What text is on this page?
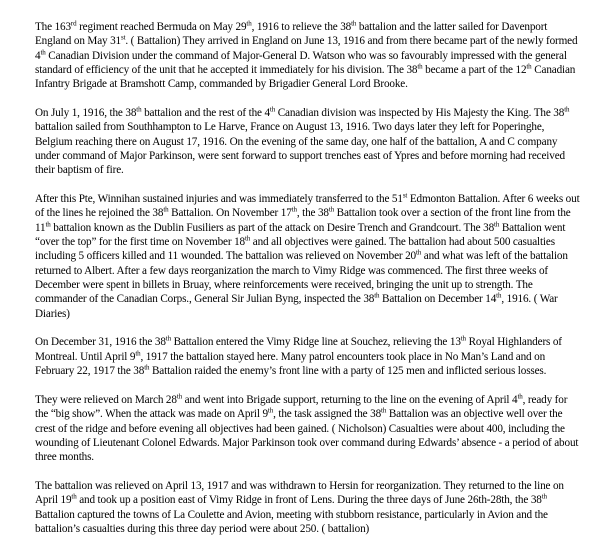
The 163rd regiment reached Bermuda on May 29th, 1916 to relieve the 38th battalion and the latter sailed for Davenport England on May 31st. ( Battalion) They arrived in England on June 13, 1916 and from there became part of the newly formed 4th Canadian Division under the command of Major-General D. Watson who was so favourably impressed with the general standard of efficiency of the unit that he accepted it immediately for his division. The 38th became a part of the 12th Canadian Infantry Brigade at Bramshott Camp, commanded by Brigadier General Lord Brooke.

On July 1, 1916, the 38th battalion and the rest of the 4th Canadian division was inspected by His Majesty the King. The 38th battalion sailed from Southhampton to Le Harve, France on August 13, 1916. Two days later they left for Poperinghe, Belgium reaching there on August 17, 1916. On the evening of the same day, one half of the battalion, A and C company under command of Major Parkinson, were sent forward to support trenches east of Ypres and before morning had received their baptism of fire.

After this Pte, Winnihan sustained injuries and was immediately transferred to the 51st Edmonton Battalion. After 6 weeks out of the lines he rejoined the 38th Battalion. On November 17th, the 38th Battalion took over a section of the front line from the 11th battalion known as the Dublin Fusiliers as part of the attack on Desire Trench and Grandcourt. The 38th Battalion went “over the top” for the first time on November 18th and all objectives were gained. The battalion had about 500 casualties including 5 officers killed and 11 wounded. The battalion was relieved on November 20th and what was left of the battalion returned to Albert. After a few days reorganization the march to Vimy Ridge was commenced. The first three weeks of December were spent in billets in Bruay, where reinforcements were received, bringing the unit up to strength. The commander of the Canadian Corps., General Sir Julian Byng, inspected the 38th Battalion on December 14th, 1916. ( War Diaries)

On December 31, 1916 the 38th Battalion entered the Vimy Ridge line at Souchez, relieving the 13th Royal Highlanders of Montreal. Until April 9th, 1917 the battalion stayed here. Many patrol encounters took place in No Man’s Land and on February 22, 1917 the 38th Battalion raided the enemy’s front line with a party of 125 men and inflicted serious losses.

They were relieved on March 28th and went into Brigade support, returning to the line on the evening of April 4th, ready for the “big show”. When the attack was made on April 9th, the task assigned the 38th Battalion was an objective well over the crest of the ridge and before evening all objectives had been gained. ( Nicholson) Casualties were about 400, including the wounding of Lieutenant Colonel Edwards. Major Parkinson took over command during Edwards’ absence - a period of about three months.

The battalion was relieved on April 13, 1917 and was withdrawn to Hersin for reorganization. They returned to the line on April 19th and took up a position east of Vimy Ridge in front of Lens. During the three days of June 26th-28th, the 38th Battalion captured the towns of La Coulette and Avion, meeting with stubborn resistance, particularly in Avion and the battalion’s casualties during this three day period were about 250. ( battalion)
